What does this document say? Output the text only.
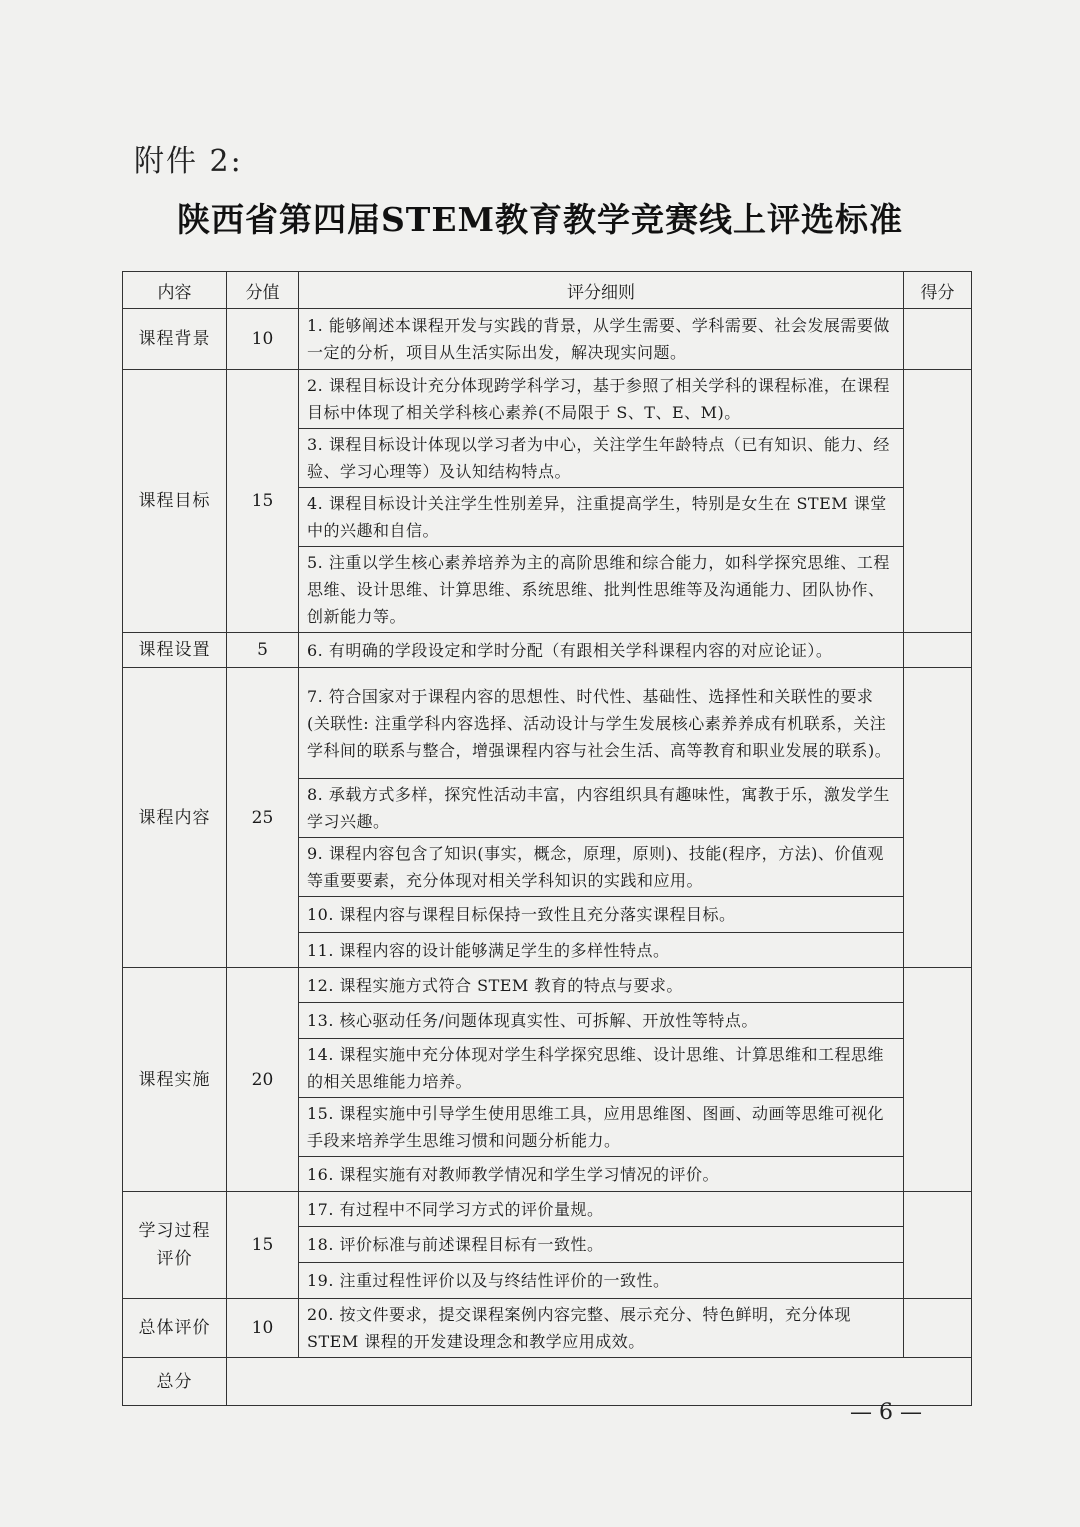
附件 2:
陕西省第四届STEM教育教学竞赛线上评选标准
内容	分值	评分细则	得分
课程背景	10	1. 能够阐述本课程开发与实践的背景，从学生需要、学科需要、社会发展需要做一定的分析，项目从生活实际出发，解决现实问题。	
课程目标	15	2. 课程目标设计充分体现跨学科学习，基于参照了相关学科的课程标准，在课程目标中体现了相关学科核心素养(不局限于 S、T、E、M)。	
		3. 课程目标设计体现以学习者为中心，关注学生年龄特点（已有知识、能力、经验、学习心理等）及认知结构特点。	
		4. 课程目标设计关注学生性别差异，注重提高学生，特别是女生在 STEM 课堂中的兴趣和自信。	
		5. 注重以学生核心素养培养为主的高阶思维和综合能力，如科学探究思维、工程思维、设计思维、计算思维、系统思维、批判性思维等及沟通能力、团队协作、创新能力等。	
课程设置	5	6. 有明确的学段设定和学时分配（有跟相关学科课程内容的对应论证）。	
课程内容	25	7. 符合国家对于课程内容的思想性、时代性、基础性、选择性和关联性的要求(关联性: 注重学科内容选择、活动设计与学生发展核心素养养成有机联系，关注学科间的联系与整合，增强课程内容与社会生活、高等教育和职业发展的联系)。	
		8. 承载方式多样，探究性活动丰富，内容组织具有趣味性，寓教于乐，激发学生学习兴趣。	
		9. 课程内容包含了知识(事实，概念，原理，原则)、技能(程序，方法)、价值观等重要要素，充分体现对相关学科知识的实践和应用。	
		10. 课程内容与课程目标保持一致性且充分落实课程目标。	
		11. 课程内容的设计能够满足学生的多样性特点。	
课程实施	20	12. 课程实施方式符合 STEM 教育的特点与要求。	
		13. 核心驱动任务/问题体现真实性、可拆解、开放性等特点。	
		14. 课程实施中充分体现对学生科学探究思维、设计思维、计算思维和工程思维的相关思维能力培养。	
		15. 课程实施中引导学生使用思维工具，应用思维图、图画、动画等思维可视化手段来培养学生思维习惯和问题分析能力。	
		16. 课程实施有对教师教学情况和学生学习情况的评价。	
学习过程评价	15	17. 有过程中不同学习方式的评价量规。	
		18. 评价标准与前述课程目标有一致性。	
		19. 注重过程性评价以及与终结性评价的一致性。	
总体评价	10	20. 按文件要求，提交课程案例内容完整、展示充分、特色鲜明，充分体现 STEM 课程的开发建设理念和教学应用成效。	
总分			
— 6 —
